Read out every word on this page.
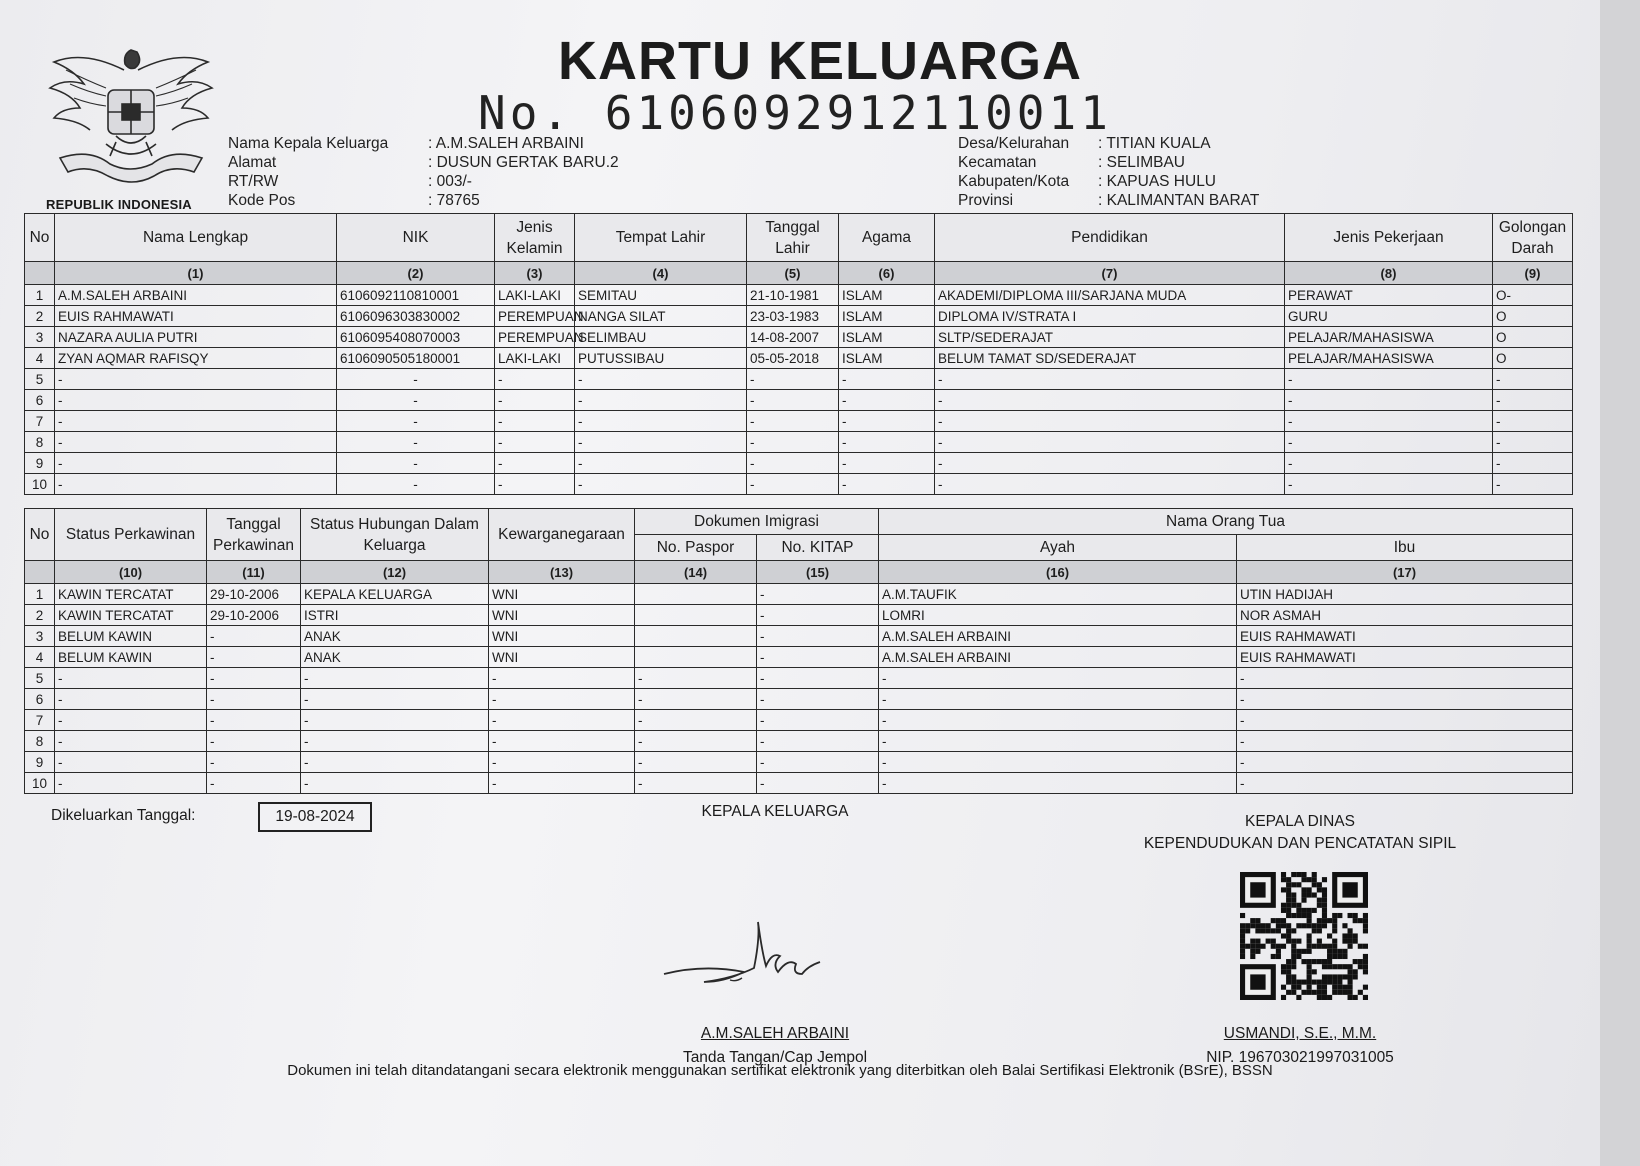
REPUBLIK INDONESIA
KARTU KELUARGA
No. 6106092912110011
Nama Kepala Keluarga	: A.M.SALEH ARBAINI
Alamat	: DUSUN GERTAK BARU.2
RT/RW	: 003/-
Kode Pos	: 78765
Desa/Kelurahan	: TITIAN KUALA
Kecamatan	: SELIMBAU
Kabupaten/Kota	: KAPUAS HULU
Provinsi	: KALIMANTAN BARAT
No	Nama Lengkap	NIK	Jenis Kelamin	Tempat Lahir	Tanggal Lahir	Agama	Pendidikan	Jenis Pekerjaan	Golongan Darah
	(1)	(2)	(3)	(4)	(5)	(6)	(7)	(8)	(9)
1	A.M.SALEH ARBAINI	6106092110810001	LAKI-LAKI	SEMITAU	21-10-1981	ISLAM	AKADEMI/DIPLOMA III/SARJANA MUDA	PERAWAT	O-
2	EUIS RAHMAWATI	6106096303830002	PEREMPUAN	NANGA SILAT	23-03-1983	ISLAM	DIPLOMA IV/STRATA I	GURU	O
3	NAZARA AULIA PUTRI	6106095408070003	PEREMPUAN	SELIMBAU	14-08-2007	ISLAM	SLTP/SEDERAJAT	PELAJAR/MAHASISWA	O
4	ZYAN AQMAR RAFISQY	6106090505180001	LAKI-LAKI	PUTUSSIBAU	05-05-2018	ISLAM	BELUM TAMAT SD/SEDERAJAT	PELAJAR/MAHASISWA	O
5	-	-	-	-	-	-	-	-	-
6	-	-	-	-	-	-	-	-	-
7	-	-	-	-	-	-	-	-	-
8	-	-	-	-	-	-	-	-	-
9	-	-	-	-	-	-	-	-	-
10	-	-	-	-	-	-	-	-	-
No	Status Perkawinan	Tanggal Perkawinan	Status Hubungan Dalam Keluarga	Kewarganegaraan	Dokumen Imigrasi		Nama Orang Tua	
					No. Paspor	No. KITAP	Ayah	Ibu
	(10)	(11)	(12)	(13)	(14)	(15)	(16)	(17)
1	KAWIN TERCATAT	29-10-2006	KEPALA KELUARGA	WNI		-	A.M.TAUFIK	UTIN HADIJAH
2	KAWIN TERCATAT	29-10-2006	ISTRI	WNI		-	LOMRI	NOR ASMAH
3	BELUM KAWIN	-	ANAK	WNI		-	A.M.SALEH ARBAINI	EUIS RAHMAWATI
4	BELUM KAWIN	-	ANAK	WNI		-	A.M.SALEH ARBAINI	EUIS RAHMAWATI
5	-	-	-	-	-	-	-	-
6	-	-	-	-	-	-	-	-
7	-	-	-	-	-	-	-	-
8	-	-	-	-	-	-	-	-
9	-	-	-	-	-	-	-	-
10	-	-	-	-	-	-	-	-
Dikeluarkan Tanggal:	19-08-2024	KEPALA KELUARGA
A.M.SALEH ARBAINI
Tanda Tangan/Cap Jempol
KEPALA DINAS
KEPENDUDUKAN DAN PENCATATAN SIPIL
USMANDI, S.E., M.M.
NIP. 196703021997031005
Dokumen ini telah ditandatangani secara elektronik menggunakan sertifikat elektronik yang diterbitkan oleh Balai Sertifikasi Elektronik (BSrE), BSSN
